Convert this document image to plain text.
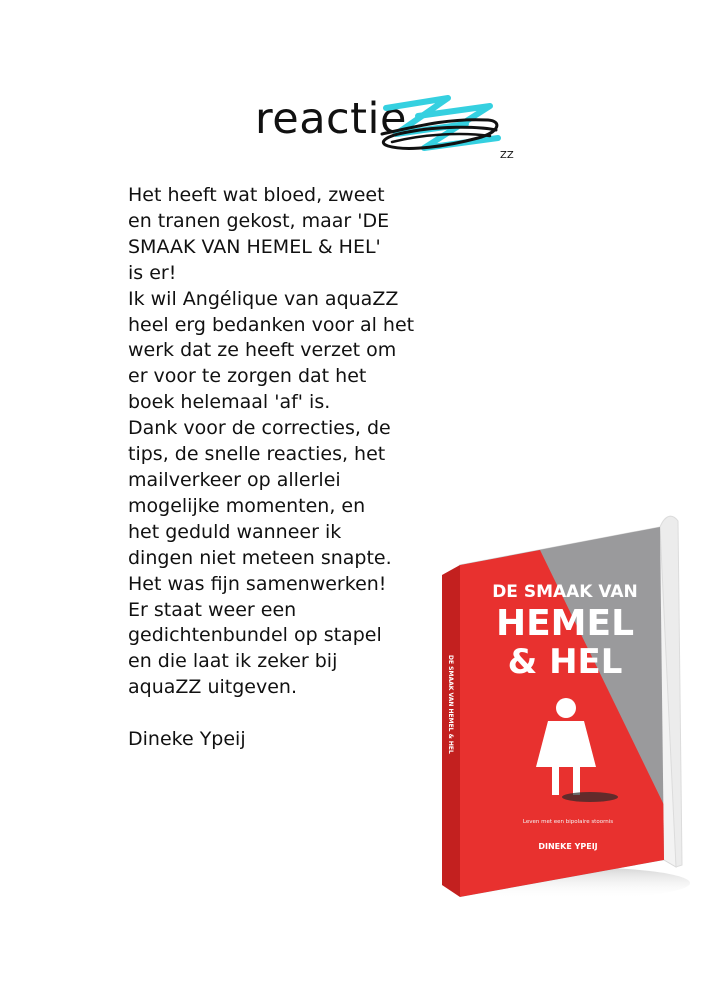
reactie
ZZ
Het heeft wat bloed, zweet
en tranen gekost, maar 'DE
SMAAK VAN HEMEL & HEL'
is er!
Ik wil Angélique van aquaZZ
heel erg bedanken voor al het
werk dat ze heeft verzet om
er voor te zorgen dat het
boek helemaal 'af' is.
Dank voor de correcties, de
tips, de snelle reacties, het
mailverkeer op allerlei
mogelijke momenten, en
het geduld wanneer ik
dingen niet meteen snapte.
Het was fijn samenwerken!
Er staat weer een
gedichtenbundel op stapel
en die laat ik zeker bij
aquaZZ uitgeven.
Dineke Ypeij
DE SMAAK VAN
HEMEL
& HEL
Leven met een bipolaire stoornis
DINEKE YPEIJ
DE SMAAK VAN HEMEL & HEL
